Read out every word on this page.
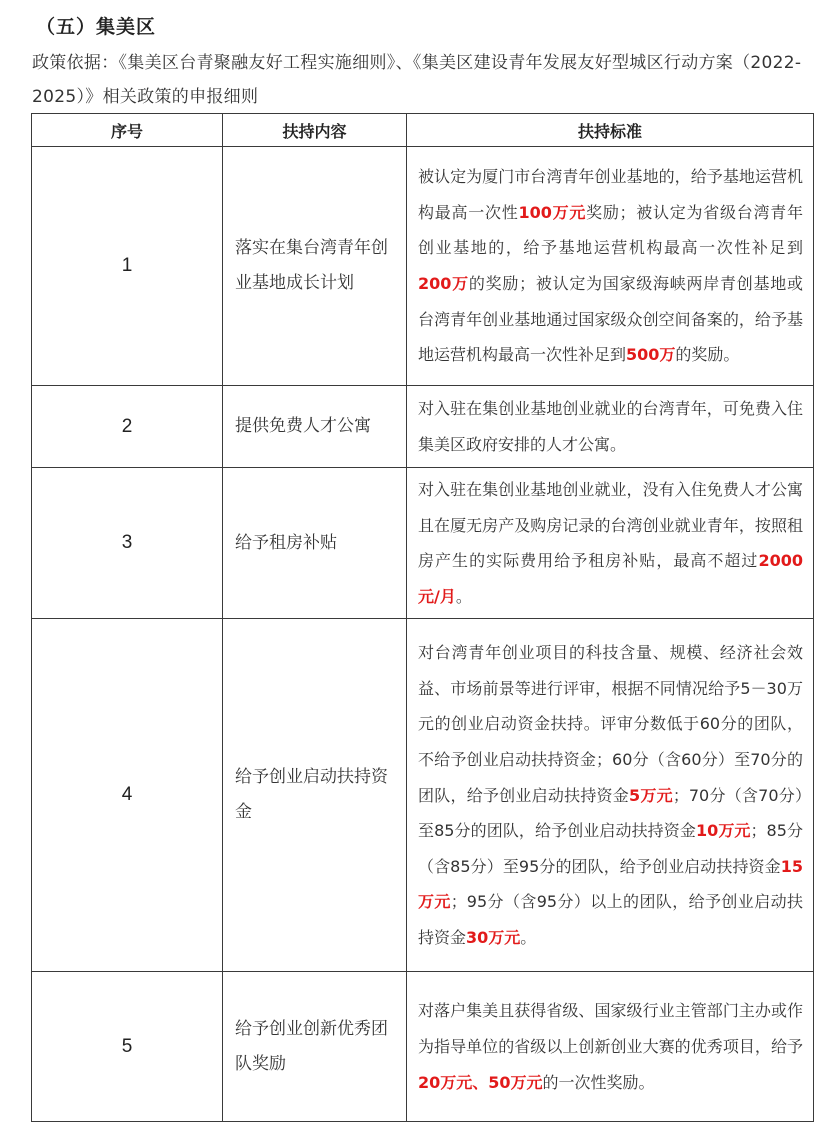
（五）集美区
政策依据：《集美区台青聚融友好工程实施细则》、《集美区建设青年发展友好型城区行动方案（2022-2025）》相关政策的申报细则
序号	扶持内容	扶持标准
1	落实在集台湾青年创业基地成长计划	被认定为厦门市台湾青年创业基地的，给予基地运营机构最高一次性100万元奖励；被认定为省级台湾青年创业基地的，给予基地运营机构最高一次性补足到200万的奖励；被认定为国家级海峡两岸青创基地或台湾青年创业基地通过国家级众创空间备案的，给予基地运营机构最高一次性补足到500万的奖励。
2	提供免费人才公寓	对入驻在集创业基地创业就业的台湾青年，可免费入住集美区政府安排的人才公寓。
3	给予租房补贴	对入驻在集创业基地创业就业，没有入住免费人才公寓且在厦无房产及购房记录的台湾创业就业青年，按照租房产生的实际费用给予租房补贴，最高不超过2000元/月。
4	给予创业启动扶持资金	对台湾青年创业项目的科技含量、规模、经济社会效益、市场前景等进行评审，根据不同情况给予5－30万元的创业启动资金扶持。评审分数低于60分的团队，不给予创业启动扶持资金；60分（含60分）至70分的团队，给予创业启动扶持资金5万元；70分（含70分）至85分的团队，给予创业启动扶持资金10万元；85分（含85分）至95分的团队，给予创业启动扶持资金15万元；95分（含95分）以上的团队，给予创业启动扶持资金30万元。
5	给予创业创新优秀团队奖励	对落户集美且获得省级、国家级行业主管部门主办或作为指导单位的省级以上创新创业大赛的优秀项目，给予20万元、50万元的一次性奖励。
